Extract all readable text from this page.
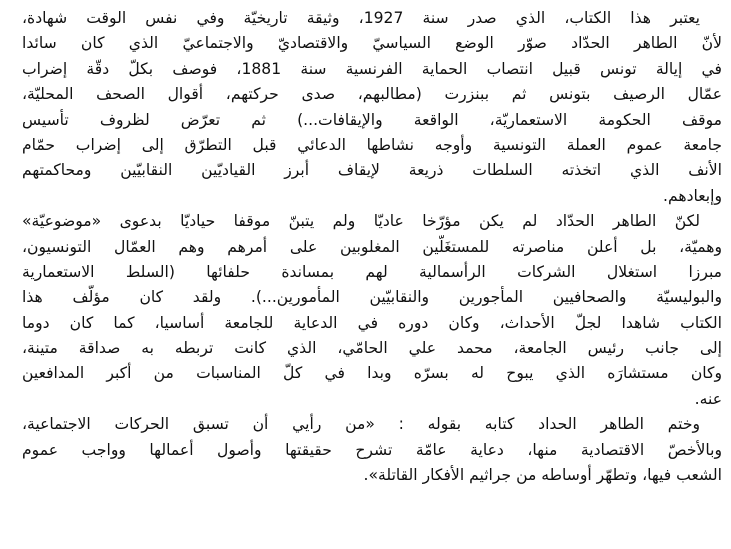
يعتبر هذا الكتاب، الذي صدر سنة 1927، وثيقة تاريخيّة وفي نفس الوقت شهادة،
لأنّ الطاهر الحدّاد صوّر الوضع السياسيّ والاقتصاديّ والاجتماعيّ الذي كان سائدا
في إيالة تونس قبيل انتصاب الحماية الفرنسية سنة 1881، فوصف بكلّ دقّة إضراب
عمّال الرصيف بتونس ثم ببنزرت (مطالبهم، صدى حركتهم، أقوال الصحف المحليّة،
موقف الحكومة الاستعماريّة، الواقعة والإيقافات...) ثم تعرّض لظروف تأسيس
جامعة عموم العملة التونسية وأوجه نشاطها الدعائي قبل التطرّق إلى إضراب حمّام
الأنف الذي اتخذته السلطات ذريعة لإيقاف أبرز القياديّين النقابيّين ومحاكمتهم
وإبعادهم.
لكنّ الطاهر الحدّاد لم يكن مؤرّخا عاديّا ولم يتبنّ موقفا حياديّا بدعوى «موضوعيّة»
وهميّة، بل أعلن مناصرته للمستغَلّين المغلوبين على أمرهم وهم العمّال التونسيون،
مبرزا استغلال الشركات الرأسمالية لهم بمساندة حلفائها (السلط الاستعمارية
والبوليسيّة والصحافيين المأجورين والنقابيّين المأمورين...). ولقد كان مؤلّف هذا
الكتاب شاهدا لجلّ الأحداث، وكان دوره في الدعاية للجامعة أساسيا، كما كان دوما
إلى جانب رئيس الجامعة، محمد علي الحامّي، الذي كانت تربطه به صداقة متينة،
وكان مستشارَه الذي يبوح له بسرّه وبدا في كلّ المناسبات من أكبر المدافعين
عنه.
وختم الطاهر الحداد كتابه بقوله : «من رأيي أن تسبق الحركات الاجتماعية،
وبالأخصّ الاقتصادية منها، دعاية عامّة تشرح حقيقتها وأصول أعمالها وواجب عموم
الشعب فيها، وتطهّر أوساطه من جراثيم الأفكار القاتلة».
